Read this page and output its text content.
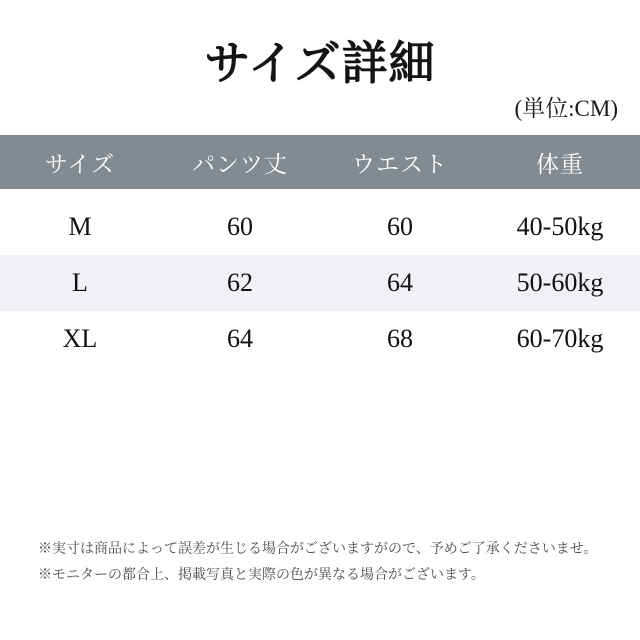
サイズ詳細
(単位:CM)
サイズ	パンツ丈	ウエスト	体重
M	60	60	40-50kg
L	62	64	50-60kg
XL	64	68	60-70kg
※実寸は商品によって誤差が生じる場合がございますがので、予めご了承くださいませ。
※モニターの都合上、掲載写真と実際の色が異なる場合がございます。
